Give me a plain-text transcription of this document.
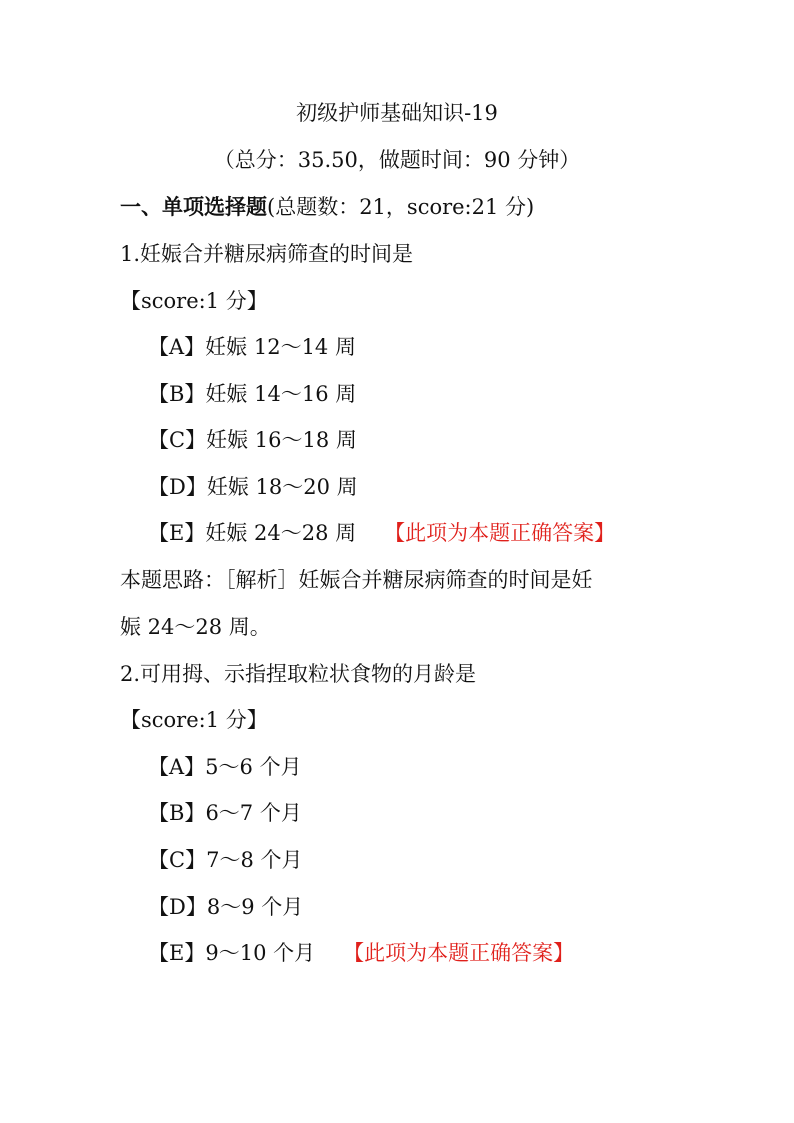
初级护师基础知识-19
（总分：35.50，做题时间：90 分钟）
一、单项选择题(总题数：21，score:21 分)
1.妊娠合并糖尿病筛查的时间是
【score:1 分】
【A】妊娠 12～14 周
【B】妊娠 14～16 周
【C】妊娠 16～18 周
【D】妊娠 18～20 周
【E】妊娠 24～28 周 【此项为本题正确答案】
本题思路：［解析］妊娠合并糖尿病筛查的时间是妊
娠 24～28 周。
2.可用拇、示指捏取粒状食物的月龄是
【score:1 分】
【A】5～6 个月
【B】6～7 个月
【C】7～8 个月
【D】8～9 个月
【E】9～10 个月 【此项为本题正确答案】
